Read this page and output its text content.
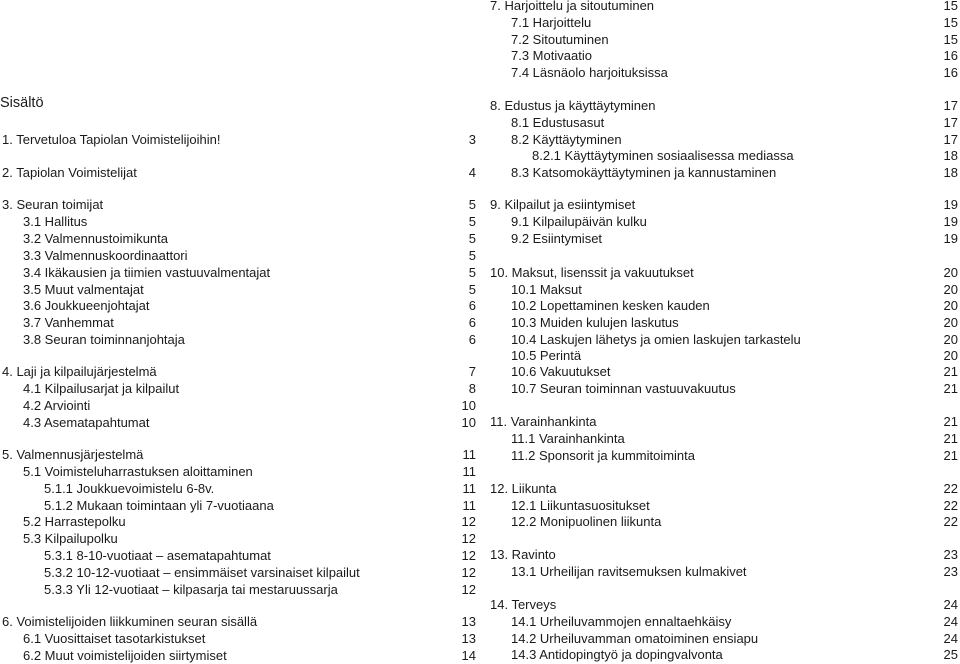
Sisältö
1. Tervetuloa Tapiolan Voimistelijoihin!	3
2. Tapiolan Voimistelijat	4
3. Seuran toimijat	5
3.1 Hallitus	5
3.2 Valmennustoimikunta	5
3.3 Valmennuskoordinaattori	5
3.4 Ikäkausien ja tiimien vastuuvalmentajat	5
3.5 Muut valmentajat	5
3.6 Joukkueenjohtajat	6
3.7 Vanhemmat	6
3.8 Seuran toiminnanjohtaja	6
4. Laji ja kilpailujärjestelmä	7
4.1 Kilpailusarjat ja kilpailut	8
4.2 Arviointi	10
4.3 Asematapahtumat	10
5. Valmennusjärjestelmä	11
5.1 Voimisteluharrastuksen aloittaminen	11
5.1.1 Joukkuevoimistelu 6-8v.	11
5.1.2 Mukaan toimintaan yli 7-vuotiaana	11
5.2 Harrastepolku	12
5.3 Kilpailupolku	12
5.3.1 8-10-vuotiaat – asematapahtumat	12
5.3.2 10-12-vuotiaat – ensimmäiset varsinaiset kilpailut	12
5.3.3 Yli 12-vuotiaat – kilpasarja tai mestaruussarja	12
6. Voimistelijoiden liikkuminen seuran sisällä	13
6.1 Vuosittaiset tasotarkistukset	13
6.2 Muut voimistelijoiden siirtymiset	14
7. Harjoittelu ja sitoutuminen	15
7.1 Harjoittelu	15
7.2 Sitoutuminen	15
7.3 Motivaatio	16
7.4 Läsnäolo harjoituksissa	16
8. Edustus ja käyttäytyminen	17
8.1 Edustusasut	17
8.2 Käyttäytyminen	17
8.2.1 Käyttäytyminen sosiaalisessa mediassa	18
8.3 Katsomokäyttäytyminen ja kannustaminen	18
9. Kilpailut ja esiintymiset	19
9.1 Kilpailupäivän kulku	19
9.2 Esiintymiset	19
10. Maksut, lisenssit ja vakuutukset	20
10.1 Maksut	20
10.2 Lopettaminen kesken kauden	20
10.3 Muiden kulujen laskutus	20
10.4 Laskujen lähetys ja omien laskujen tarkastelu	20
10.5 Perintä	20
10.6 Vakuutukset	21
10.7 Seuran toiminnan vastuuvakuutus	21
11. Varainhankinta	21
11.1 Varainhankinta	21
11.2 Sponsorit ja kummitoiminta	21
12. Liikunta	22
12.1 Liikuntasuositukset	22
12.2 Monipuolinen liikunta	22
13. Ravinto	23
13.1 Urheilijan ravitsemuksen kulmakivet	23
14. Terveys	24
14.1 Urheiluvammojen ennaltaehkäisy	24
14.2 Urheiluvamman omatoiminen ensiapu	24
14.3 Antidopingtyö ja dopingvalvonta	25
